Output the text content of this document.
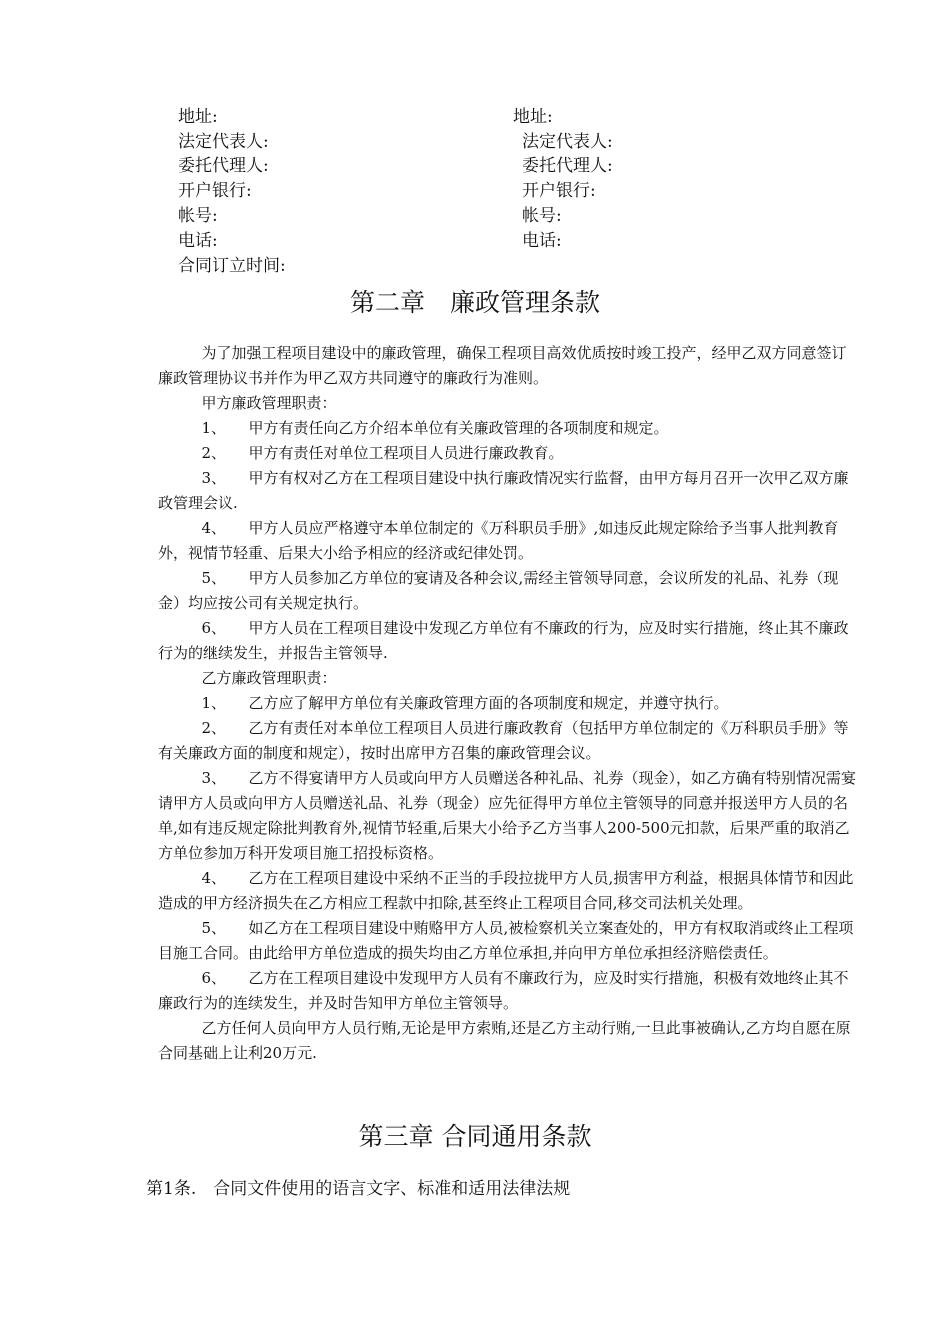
地址:
法定代表人:
委托代理人:
开户银行:
帐号:
电话:
合同订立时间:
地址:
法定代表人:
委托代理人:
开户银行:
帐号:
电话:
第二章　廉政管理条款

为了加强工程项目建设中的廉政管理，确保工程项目高效优质按时竣工投产，经甲乙双方同意签订廉政管理协议书并作为甲乙双方共同遵守的廉政行为准则。

甲方廉政管理职责：

1、　　甲方有责任向乙方介绍本单位有关廉政管理的各项制度和规定。

2、　　甲方有责任对单位工程项目人员进行廉政教育。

3、　　甲方有权对乙方在工程项目建设中执行廉政情况实行监督，由甲方每月召开一次甲乙双方廉政管理会议.

4、　　甲方人员应严格遵守本单位制定的《万科职员手册》,如违反此规定除给予当事人批判教育外，视情节轻重、后果大小给予相应的经济或纪律处罚。

5、　　甲方人员参加乙方单位的宴请及各种会议,需经主管领导同意，会议所发的礼品、礼券（现金）均应按公司有关规定执行。

6、　　甲方人员在工程项目建设中发现乙方单位有不廉政的行为，应及时实行措施，终止其不廉政行为的继续发生，并报告主管领导.

乙方廉政管理职责：

1、　　乙方应了解甲方单位有关廉政管理方面的各项制度和规定，并遵守执行。

2、　　乙方有责任对本单位工程项目人员进行廉政教育（包括甲方单位制定的《万科职员手册》等有关廉政方面的制度和规定），按时出席甲方召集的廉政管理会议。

3、　　乙方不得宴请甲方人员或向甲方人员赠送各种礼品、礼券（现金），如乙方确有特别情况需宴请甲方人员或向甲方人员赠送礼品、礼券（现金）应先征得甲方单位主管领导的同意并报送甲方人员的名单,如有违反规定除批判教育外,视情节轻重,后果大小给予乙方当事人200-500元扣款，后果严重的取消乙方单位参加万科开发项目施工招投标资格。

4、　　乙方在工程项目建设中采纳不正当的手段拉拢甲方人员,损害甲方利益，根据具体情节和因此造成的甲方经济损失在乙方相应工程款中扣除,甚至终止工程项目合同,移交司法机关处理。

5、　　如乙方在工程项目建设中贿赂甲方人员,被检察机关立案查处的，甲方有权取消或终止工程项目施工合同。由此给甲方单位造成的损失均由乙方单位承担,并向甲方单位承担经济赔偿责任。

6、　　乙方在工程项目建设中发现甲方人员有不廉政行为，应及时实行措施，积极有效地终止其不廉政行为的连续发生，并及时告知甲方单位主管领导。

乙方任何人员向甲方人员行贿,无论是甲方索贿,还是乙方主动行贿,一旦此事被确认,乙方均自愿在原合同基础上让利20万元.

第三章 合同通用条款
第1条.　合同文件使用的语言文字、标准和适用法律法规
